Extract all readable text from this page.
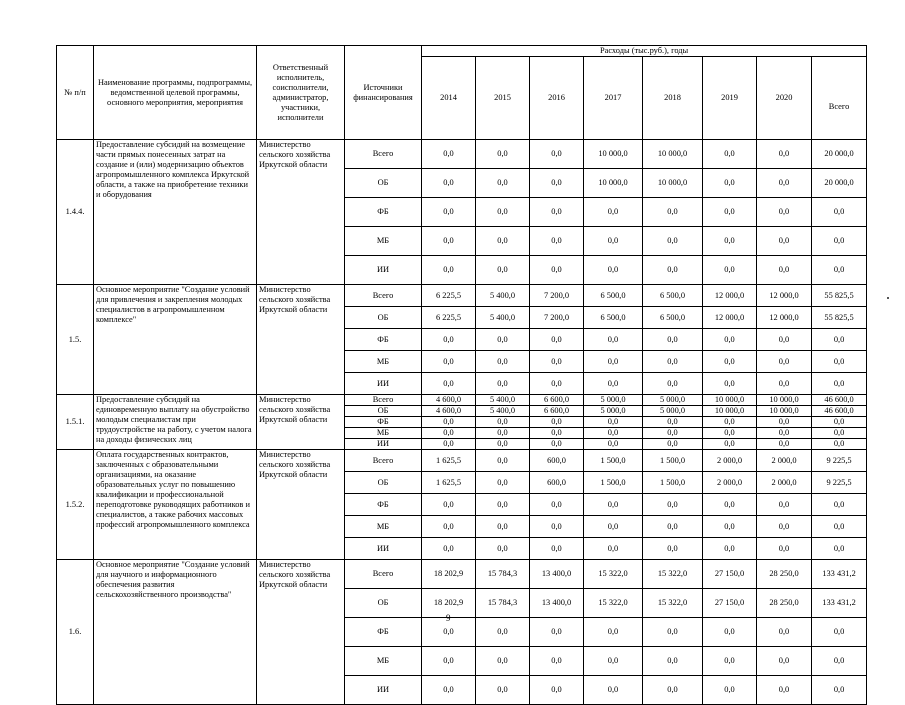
№ п/п	Наименование программы, подпрограммы, ведомственной целевой программы, основного мероприятия, мероприятия	Ответственный исполнитель, соисполнители, администратор, участники, исполнители	Источники финансирования	Расходы (тыс.руб.), годы							
				2014	2015	2016	2017	2018	2019	2020	Всего
1.4.4.	Предоставление субсидий на возмещение части прямых понесенных затрат на создание и (или) модернизацию объектов агропромышленного комплекса Иркутской области, а также на приобретение техники и оборудования	Министерство сельского хозяйства Иркутской области	Всего	0,0	0,0	0,0	10 000,0	10 000,0	0,0	0,0	20 000,0
			ОБ	0,0	0,0	0,0	10 000,0	10 000,0	0,0	0,0	20 000,0
			ФБ	0,0	0,0	0,0	0,0	0,0	0,0	0,0	0,0
			МБ	0,0	0,0	0,0	0,0	0,0	0,0	0,0	0,0
			ИИ	0,0	0,0	0,0	0,0	0,0	0,0	0,0	0,0
1.5.	Основное мероприятие "Создание условий для привлечения и закрепления молодых специалистов в агропромышленном комплексе"	Министерство сельского хозяйства Иркутской области	Всего	6 225,5	5 400,0	7 200,0	6 500,0	6 500,0	12 000,0	12 000,0	55 825,5
			ОБ	6 225,5	5 400,0	7 200,0	6 500,0	6 500,0	12 000,0	12 000,0	55 825,5
			ФБ	0,0	0,0	0,0	0,0	0,0	0,0	0,0	0,0
			МБ	0,0	0,0	0,0	0,0	0,0	0,0	0,0	0,0
			ИИ	0,0	0,0	0,0	0,0	0,0	0,0	0,0	0,0
1.5.1.	Предоставление субсидий на единовременную выплату на обустройство молодым специалистам при трудоустройстве на работу, с учетом налога на доходы физических лиц	Министерство сельского хозяйства Иркутской области	Всего	4 600,0	5 400,0	6 600,0	5 000,0	5 000,0	10 000,0	10 000,0	46 600,0
			ОБ	4 600,0	5 400,0	6 600,0	5 000,0	5 000,0	10 000,0	10 000,0	46 600,0
			ФБ	0,0	0,0	0,0	0,0	0,0	0,0	0,0	0,0
			МБ	0,0	0,0	0,0	0,0	0,0	0,0	0,0	0,0
			ИИ	0,0	0,0	0,0	0,0	0,0	0,0	0,0	0,0
1.5.2.	Оплата государственных контрактов, заключенных с образовательными организациями, на оказание образовательных услуг по повышению квалификации и профессиональной переподготовке руководящих работников и специалистов, а также рабочих массовых профессий агропромышленного комплекса	Министерство сельского хозяйства Иркутской области	Всего	1 625,5	0,0	600,0	1 500,0	1 500,0	2 000,0	2 000,0	9 225,5
			ОБ	1 625,5	0,0	600,0	1 500,0	1 500,0	2 000,0	2 000,0	9 225,5
			ФБ	0,0	0,0	0,0	0,0	0,0	0,0	0,0	0,0
			МБ	0,0	0,0	0,0	0,0	0,0	0,0	0,0	0,0
			ИИ	0,0	0,0	0,0	0,0	0,0	0,0	0,0	0,0
1.6.	Основное мероприятие "Создание условий для научного и информационного обеспечения развития сельскохозяйственного производства"	Министерство сельского хозяйства Иркутской области	Всего	18 202,9	15 784,3	13 400,0	15 322,0	15 322,0	27 150,0	28 250,0	133 431,2
			ОБ	18 202,9	15 784,3	13 400,0	15 322,0	15 322,0	27 150,0	28 250,0	133 431,2
			ФБ	0,0	0,0	0,0	0,0	0,0	0,0	0,0	0,0
			МБ	0,0	0,0	0,0	0,0	0,0	0,0	0,0	0,0
			ИИ	0,0	0,0	0,0	0,0	0,0	0,0	0,0	0,0
9
